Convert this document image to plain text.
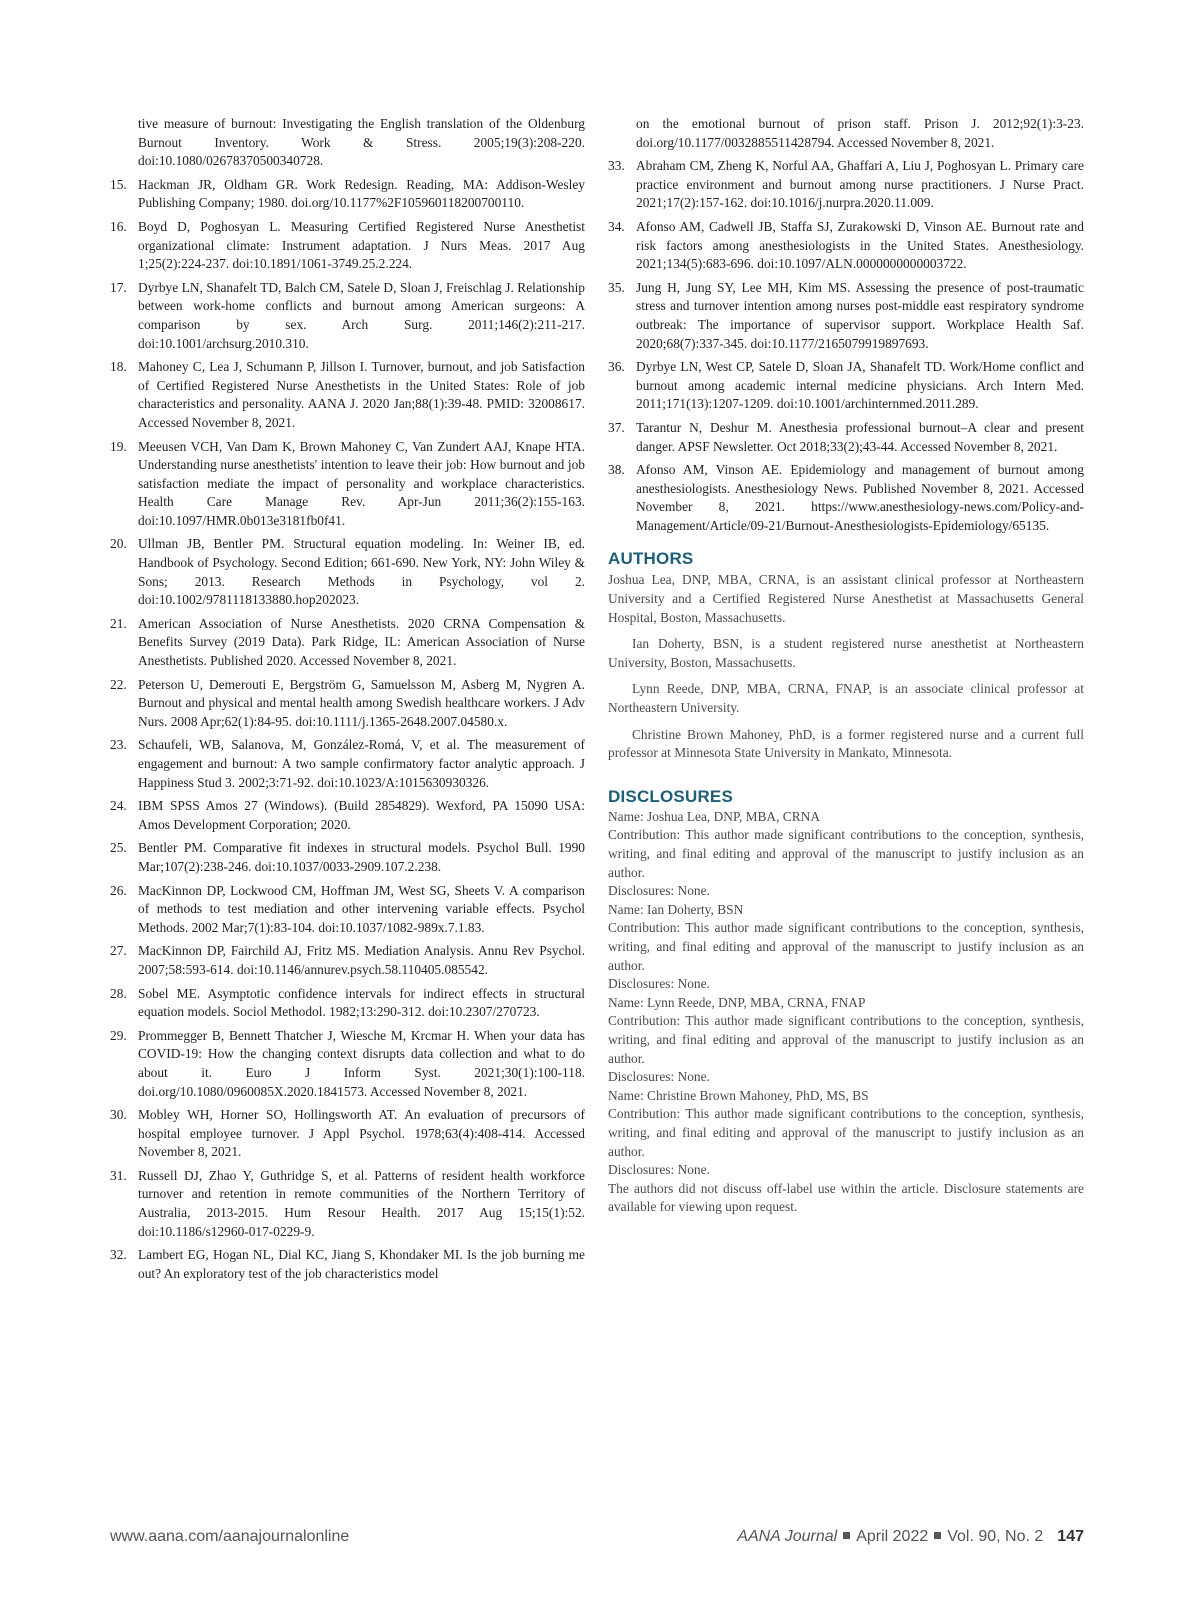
tive measure of burnout: Investigating the English translation of the Oldenburg Burnout Inventory. Work & Stress. 2005;19(3):208-220. doi:10.1080/02678370500340728.
15. Hackman JR, Oldham GR. Work Redesign. Reading, MA: Addison-Wesley Publishing Company; 1980. doi.org/10.1177%2F105960118200700110.
16. Boyd D, Poghosyan L. Measuring Certified Registered Nurse Anesthetist organizational climate: Instrument adaptation. J Nurs Meas. 2017 Aug 1;25(2):224-237. doi:10.1891/1061-3749.25.2.224.
17. Dyrbye LN, Shanafelt TD, Balch CM, Satele D, Sloan J, Freischlag J. Relationship between work-home conflicts and burnout among American surgeons: A comparison by sex. Arch Surg. 2011;146(2):211-217. doi:10.1001/archsurg.2010.310.
18. Mahoney C, Lea J, Schumann P, Jillson I. Turnover, burnout, and job Satisfaction of Certified Registered Nurse Anesthetists in the United States: Role of job characteristics and personality. AANA J. 2020 Jan;88(1):39-48. PMID: 32008617. Accessed November 8, 2021.
19. Meeusen VCH, Van Dam K, Brown Mahoney C, Van Zundert AAJ, Knape HTA. Understanding nurse anesthetists' intention to leave their job: How burnout and job satisfaction mediate the impact of personality and workplace characteristics. Health Care Manage Rev. Apr-Jun 2011;36(2):155-163. doi:10.1097/HMR.0b013e3181fb0f41.
20. Ullman JB, Bentler PM. Structural equation modeling. In: Weiner IB, ed. Handbook of Psychology. Second Edition; 661-690. New York, NY: John Wiley & Sons; 2013. Research Methods in Psychology, vol 2. doi:10.1002/9781118133880.hop202023.
21. American Association of Nurse Anesthetists. 2020 CRNA Compensation & Benefits Survey (2019 Data). Park Ridge, IL: American Association of Nurse Anesthetists. Published 2020. Accessed November 8, 2021.
22. Peterson U, Demerouti E, Bergström G, Samuelsson M, Asberg M, Nygren A. Burnout and physical and mental health among Swedish healthcare workers. J Adv Nurs. 2008 Apr;62(1):84-95. doi:10.1111/j.1365-2648.2007.04580.x.
23. Schaufeli, WB, Salanova, M, González-Romá, V, et al. The measurement of engagement and burnout: A two sample confirmatory factor analytic approach. J Happiness Stud 3. 2002;3:71-92. doi:10.1023/A:1015630930326.
24. IBM SPSS Amos 27 (Windows). (Build 2854829). Wexford, PA 15090 USA: Amos Development Corporation; 2020.
25. Bentler PM. Comparative fit indexes in structural models. Psychol Bull. 1990 Mar;107(2):238-246. doi:10.1037/0033-2909.107.2.238.
26. MacKinnon DP, Lockwood CM, Hoffman JM, West SG, Sheets V. A comparison of methods to test mediation and other intervening variable effects. Psychol Methods. 2002 Mar;7(1):83-104. doi:10.1037/1082-989x.7.1.83.
27. MacKinnon DP, Fairchild AJ, Fritz MS. Mediation Analysis. Annu Rev Psychol. 2007;58:593-614. doi:10.1146/annurev.psych.58.110405.085542.
28. Sobel ME. Asymptotic confidence intervals for indirect effects in structural equation models. Sociol Methodol. 1982;13:290-312. doi:10.2307/270723.
29. Prommegger B, Bennett Thatcher J, Wiesche M, Krcmar H. When your data has COVID-19: How the changing context disrupts data collection and what to do about it. Euro J Inform Syst. 2021;30(1):100-118. doi.org/10.1080/0960085X.2020.1841573. Accessed November 8, 2021.
30. Mobley WH, Horner SO, Hollingsworth AT. An evaluation of precursors of hospital employee turnover. J Appl Psychol. 1978;63(4):408-414. Accessed November 8, 2021.
31. Russell DJ, Zhao Y, Guthridge S, et al. Patterns of resident health workforce turnover and retention in remote communities of the Northern Territory of Australia, 2013-2015. Hum Resour Health. 2017 Aug 15;15(1):52. doi:10.1186/s12960-017-0229-9.
32. Lambert EG, Hogan NL, Dial KC, Jiang S, Khondaker MI. Is the job burning me out? An exploratory test of the job characteristics model
on the emotional burnout of prison staff. Prison J. 2012;92(1):3-23. doi.org/10.1177/0032885511428794. Accessed November 8, 2021.
33. Abraham CM, Zheng K, Norful AA, Ghaffari A, Liu J, Poghosyan L. Primary care practice environment and burnout among nurse practitioners. J Nurse Pract. 2021;17(2):157-162. doi:10.1016/j.nurpra.2020.11.009.
34. Afonso AM, Cadwell JB, Staffa SJ, Zurakowski D, Vinson AE. Burnout rate and risk factors among anesthesiologists in the United States. Anesthesiology. 2021;134(5):683-696. doi:10.1097/ALN.0000000000003722.
35. Jung H, Jung SY, Lee MH, Kim MS. Assessing the presence of post-traumatic stress and turnover intention among nurses post-middle east respiratory syndrome outbreak: The importance of supervisor support. Workplace Health Saf. 2020;68(7):337-345. doi:10.1177/2165079919897693.
36. Dyrbye LN, West CP, Satele D, Sloan JA, Shanafelt TD. Work/Home conflict and burnout among academic internal medicine physicians. Arch Intern Med. 2011;171(13):1207-1209. doi:10.1001/archinternmed.2011.289.
37. Tarantur N, Deshur M. Anesthesia professional burnout–A clear and present danger. APSF Newsletter. Oct 2018;33(2);43-44. Accessed November 8, 2021.
38. Afonso AM, Vinson AE. Epidemiology and management of burnout among anesthesiologists. Anesthesiology News. Published November 8, 2021. Accessed November 8, 2021. https://www.anesthesiology-news.com/Policy-and-Management/Article/09-21/Burnout-Anesthesiologists-Epidemiology/65135.
AUTHORS

Joshua Lea, DNP, MBA, CRNA, is an assistant clinical professor at Northeastern University and a Certified Registered Nurse Anesthetist at Massachusetts General Hospital, Boston, Massachusetts.

Ian Doherty, BSN, is a student registered nurse anesthetist at Northeastern University, Boston, Massachusetts.

Lynn Reede, DNP, MBA, CRNA, FNAP, is an associate clinical professor at Northeastern University.

Christine Brown Mahoney, PhD, is a former registered nurse and a current full professor at Minnesota State University in Mankato, Minnesota.

DISCLOSURES

Name: Joshua Lea, DNP, MBA, CRNA

Contribution: This author made significant contributions to the conception, synthesis, writing, and final editing and approval of the manuscript to justify inclusion as an author.

Disclosures: None.

Name: Ian Doherty, BSN

Contribution: This author made significant contributions to the conception, synthesis, writing, and final editing and approval of the manuscript to justify inclusion as an author.

Disclosures: None.

Name: Lynn Reede, DNP, MBA, CRNA, FNAP

Contribution: This author made significant contributions to the conception, synthesis, writing, and final editing and approval of the manuscript to justify inclusion as an author.

Disclosures: None.

Name: Christine Brown Mahoney, PhD, MS, BS

Contribution: This author made significant contributions to the conception, synthesis, writing, and final editing and approval of the manuscript to justify inclusion as an author.

Disclosures: None.

The authors did not discuss off-label use within the article. Disclosure statements are available for viewing upon request.

www.aana.com/aanajournalonline	AANA Journal April 2022 Vol. 90, No. 2 147
